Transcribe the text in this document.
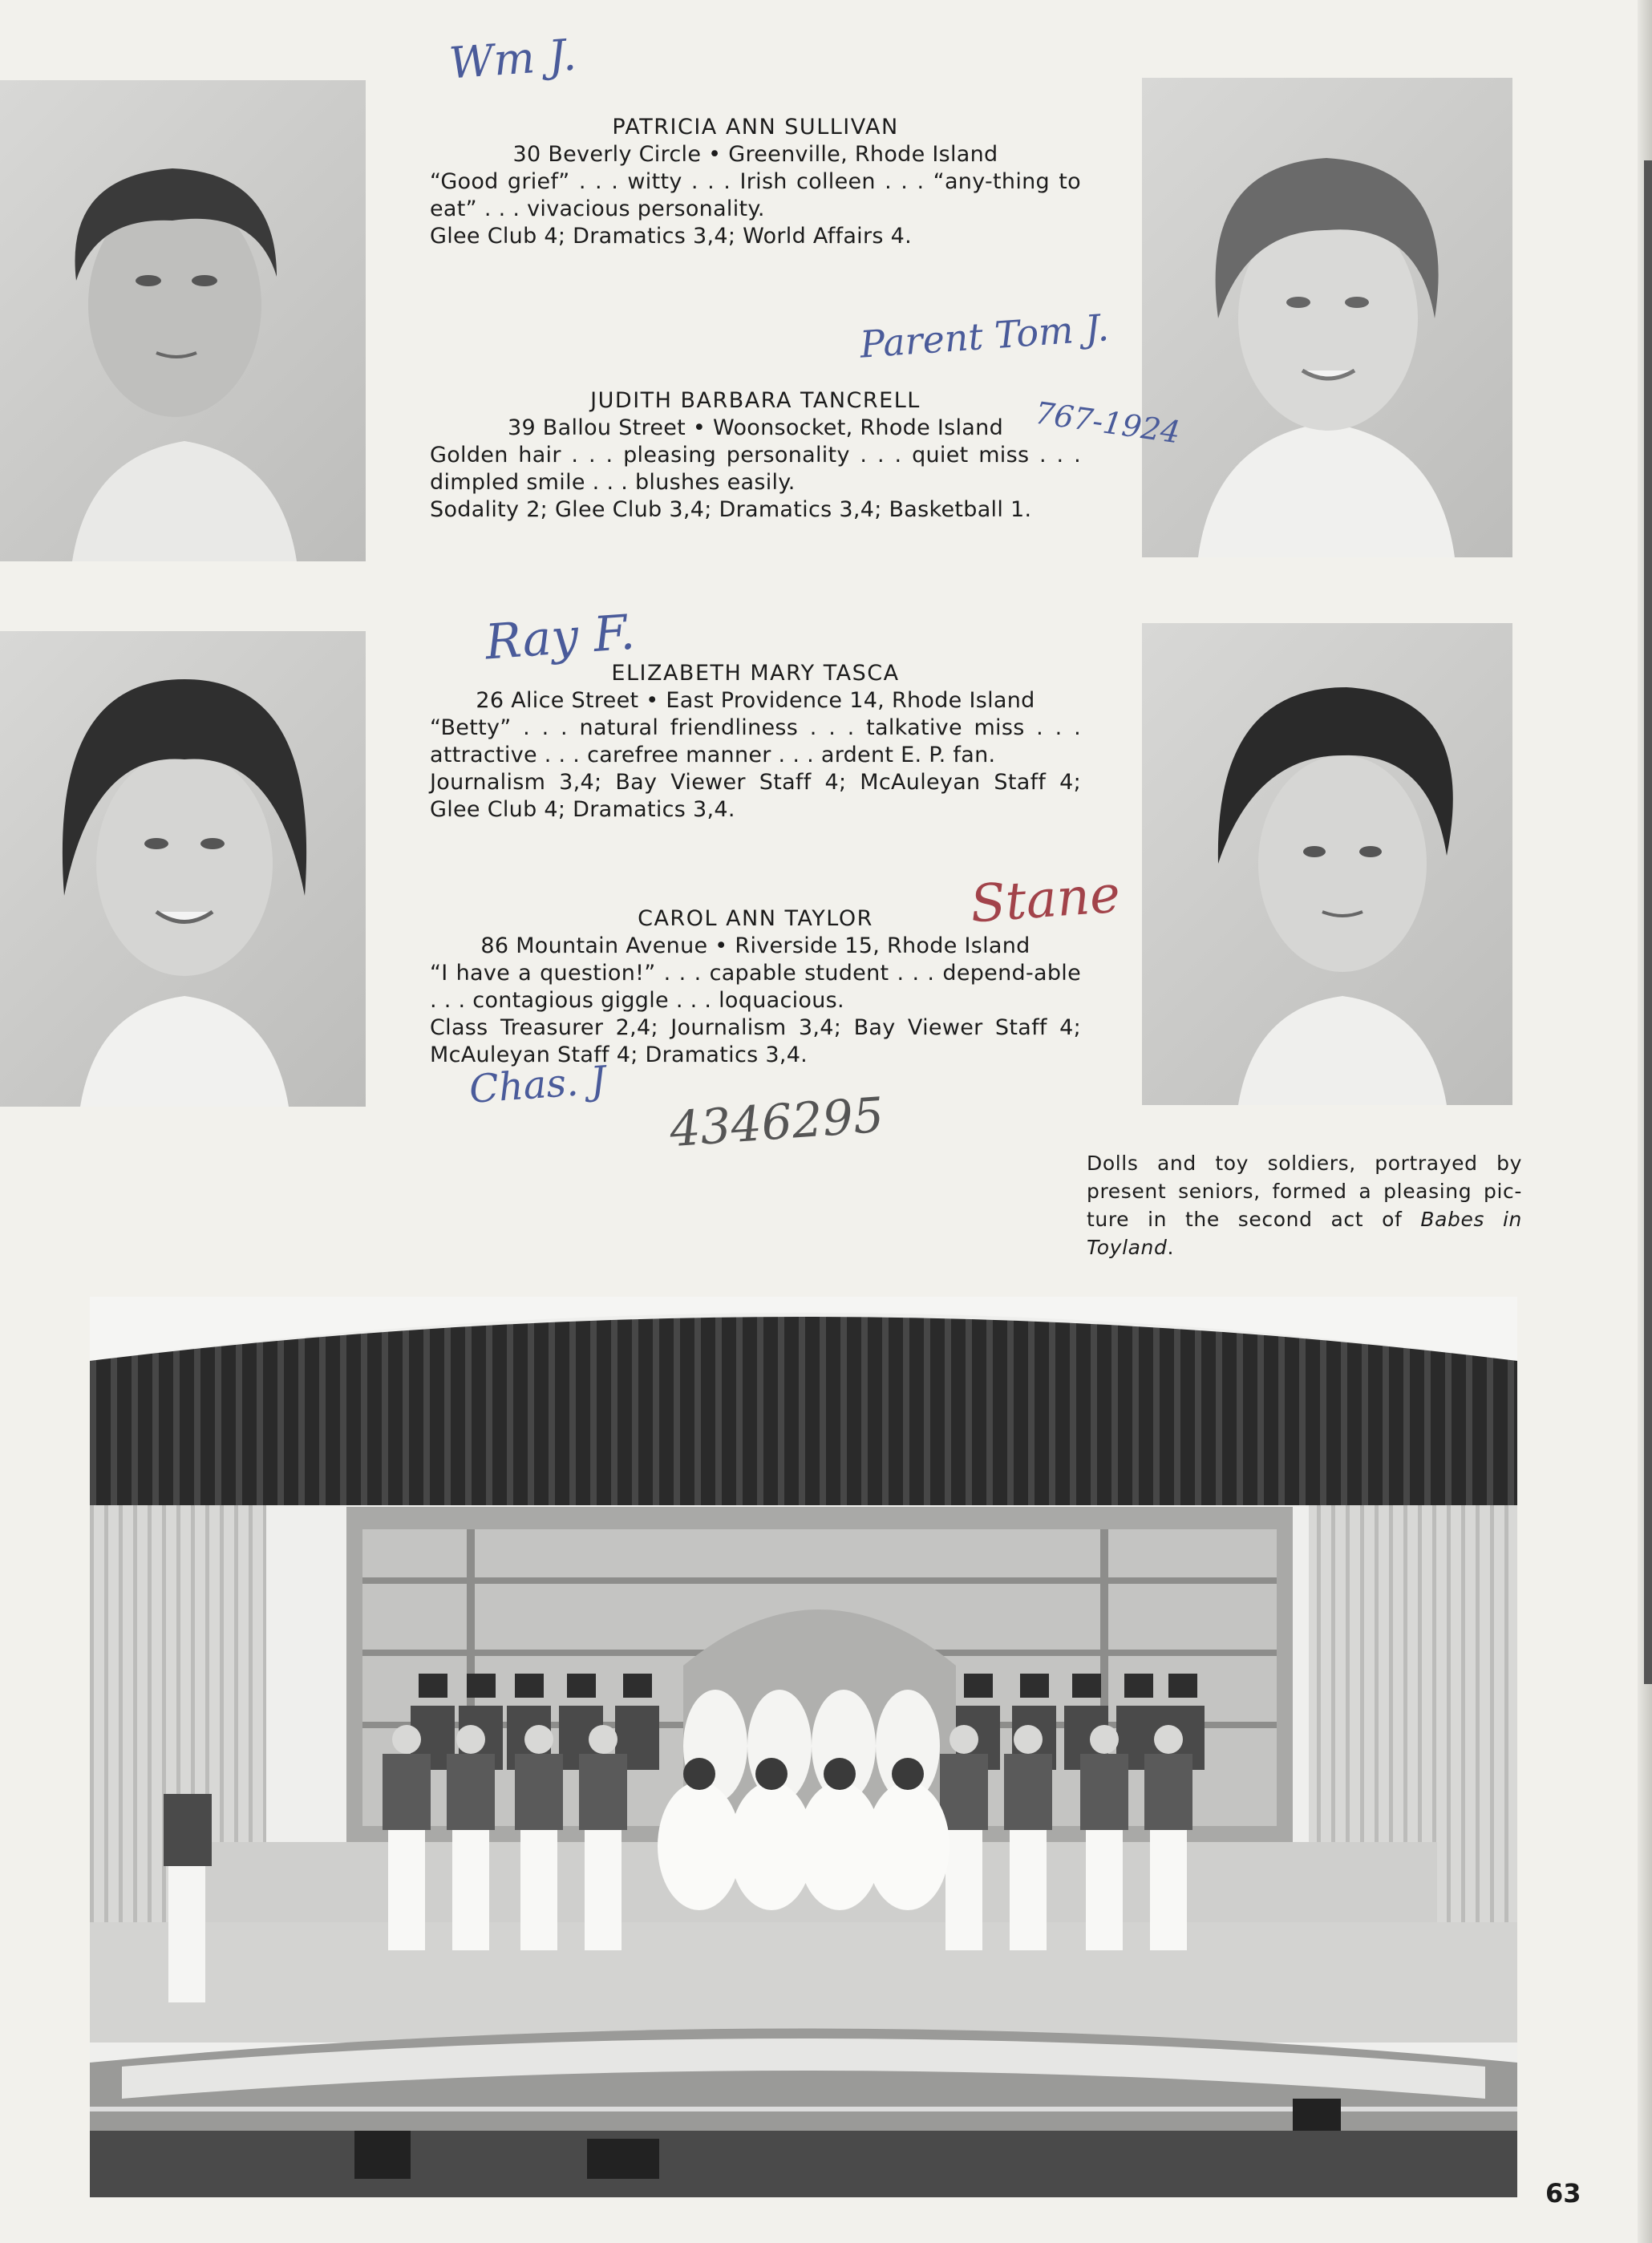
PATRICIA ANN SULLIVAN
30 Beverly Circle • Greenville, Rhode Island
“Good grief” . . . witty . . . Irish colleen . . . “any-thing to eat” . . . vivacious personality.
Glee Club 4; Dramatics 3,4; World Affairs 4.
JUDITH BARBARA TANCRELL
39 Ballou Street • Woonsocket, Rhode Island
Golden hair . . . pleasing personality . . . quiet miss . . . dimpled smile . . . blushes easily.
Sodality 2; Glee Club 3,4; Dramatics 3,4; Basketball 1.
ELIZABETH MARY TASCA
26 Alice Street • East Providence 14, Rhode Island
“Betty” . . . natural friendliness . . . talkative miss . . . attractive . . . carefree manner . . . ardent E. P. fan.
Journalism 3,4; Bay Viewer Staff 4; McAuleyan Staff 4; Glee Club 4; Dramatics 3,4.
CAROL ANN TAYLOR
86 Mountain Avenue • Riverside 15, Rhode Island
“I have a question!” . . . capable student . . . depend-able . . . contagious giggle . . . loquacious.
Class Treasurer 2,4; Journalism 3,4; Bay Viewer Staff 4; McAuleyan Staff 4; Dramatics 3,4.
Wm J.
Parent Tom J.
767-1924
Ray F.
Stane
Chas. J
4346295
Dolls and toy soldiers, portrayed by present seniors, formed a pleasing pic-ture in the second act of Babes in Toyland.
63
